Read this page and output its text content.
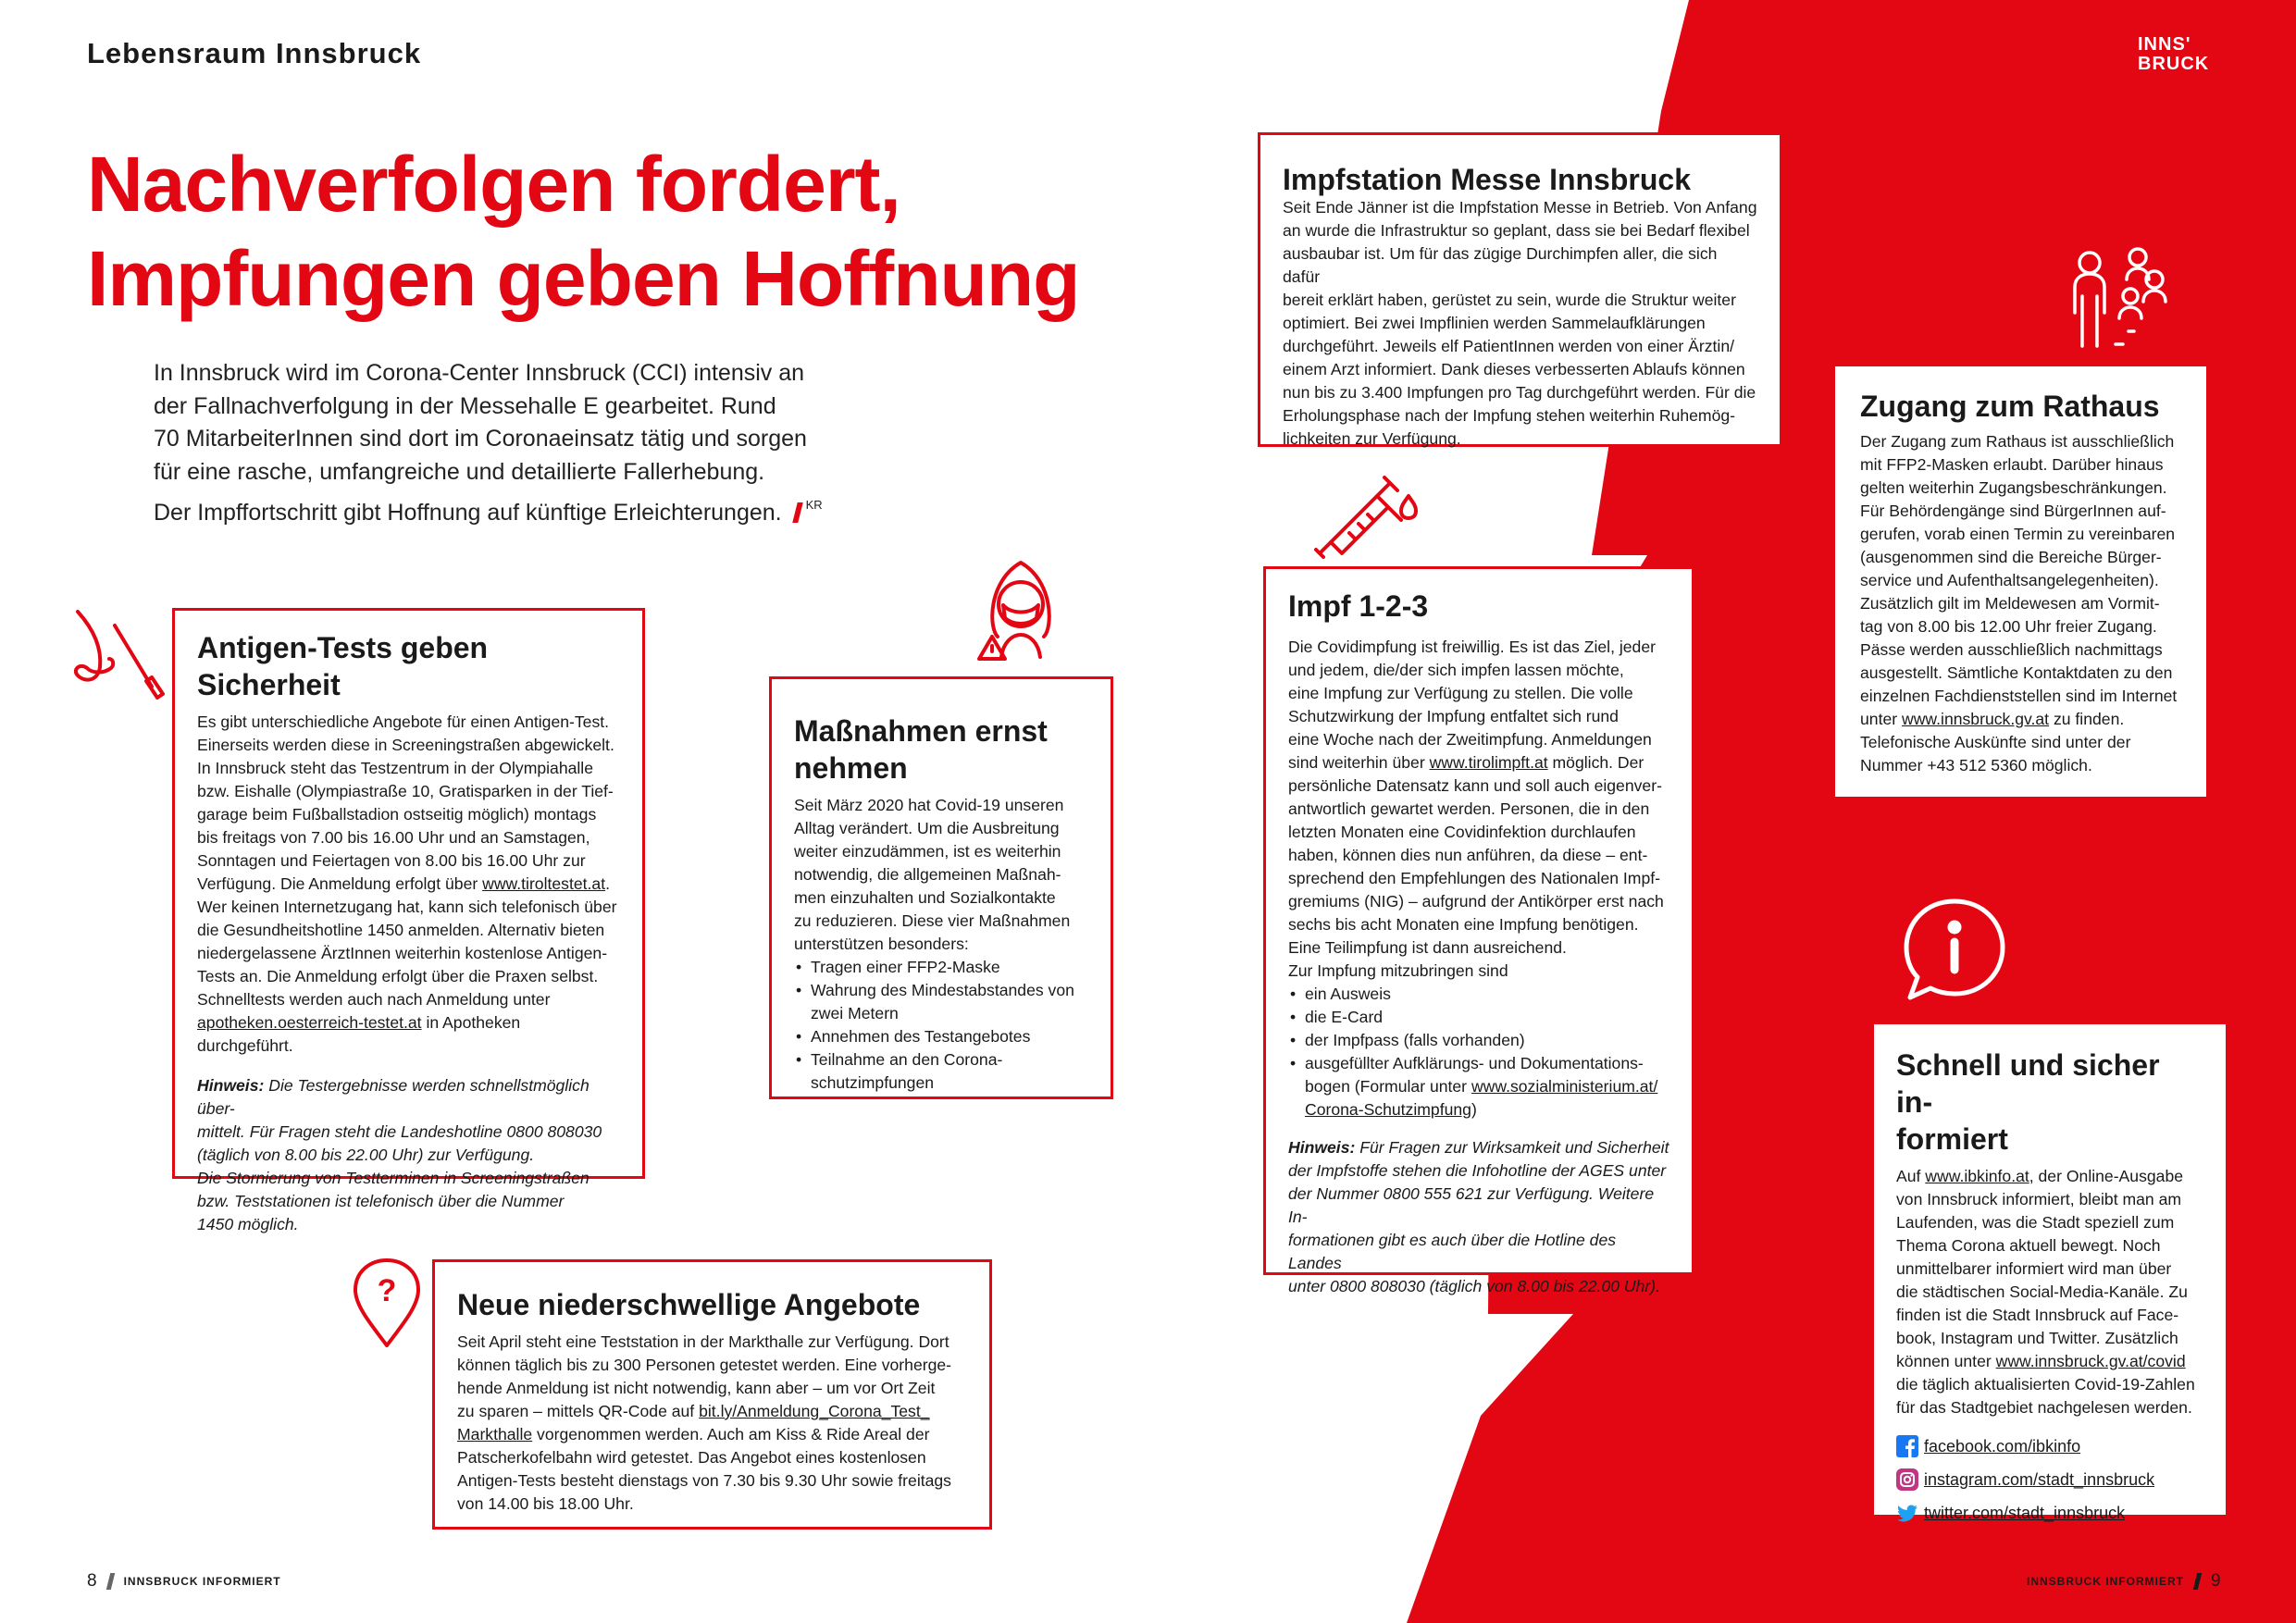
Lebensraum Innsbruck	INNS'
BRUCK
Nachverfolgen fordert,
Impfungen geben Hoffnung
In Innsbruck wird im Corona-Center Innsbruck (CCI) intensiv an
der Fallnachverfolgung in der Messehalle E gearbeitet. Rund
70 MitarbeiterInnen sind dort im Coronaeinsatz tätig und sorgen
für eine rasche, umfangreiche und detaillierte Fallerhebung.
Der Impffortschritt gibt Hoffnung auf künftige Erleichterungen. $^{KR}$
?
Antigen-Tests geben Sicherheit

Es gibt unterschiedliche Angebote für einen Antigen-Test.
Einerseits werden diese in Screeningstraßen abgewickelt.
In Innsbruck steht das Testzentrum in der Olympiahalle
bzw. Eishalle (Olympiastraße 10, Gratisparken in der Tief-
garage beim Fußballstadion ostseitig möglich) montags
bis freitags von 7.00 bis 16.00 Uhr und an Samstagen,
Sonntagen und Feiertagen von 8.00 bis 16.00 Uhr zur
Verfügung. Die Anmeldung erfolgt über www.tiroltestet.at.
Wer keinen Internetzugang hat, kann sich telefonisch über
die Gesundheitshotline 1450 anmelden. Alternativ bieten
niedergelassene ÄrztInnen weiterhin kostenlose Antigen-
Tests an. Die Anmeldung erfolgt über die Praxen selbst.
Schnelltests werden auch nach Anmeldung unter
apotheken.oesterreich-testet.at in Apotheken durchgeführt.

Hinweis: Die Testergebnisse werden schnellstmöglich über-
mittelt. Für Fragen steht die Landeshotline 0800 808030
(täglich von 8.00 bis 22.00 Uhr) zur Verfügung.
Die Stornierung von Testterminen in Screeningstraßen
bzw. Teststationen ist telefonisch über die Nummer
1450 möglich.

Maßnahmen ernst
nehmen

Seit März 2020 hat Covid-19 unseren
Alltag verändert. Um die Ausbreitung
weiter einzudämmen, ist es weiterhin
notwendig, die allgemeinen Maßnah-
men einzuhalten und Sozialkontakte
zu reduzieren. Diese vier Maßnahmen
unterstützen besonders:

• Tragen einer FFP2-Maske
• Wahrung des Mindestabstandes von zwei Metern
• Annehmen des Testangebotes
• Teilnahme an den Corona-schutzimpfungen
Neue niederschwellige Angebote

Seit April steht eine Teststation in der Markthalle zur Verfügung. Dort
können täglich bis zu 300 Personen getestet werden. Eine vorherge-
hende Anmeldung ist nicht notwendig, kann aber – um vor Ort Zeit
zu sparen – mittels QR-Code auf bit.ly/Anmeldung_Corona_Test_
Markthalle vorgenommen werden. Auch am Kiss & Ride Areal der
Patscherkofelbahn wird getestet. Das Angebot eines kostenlosen
Antigen-Tests besteht dienstags von 7.30 bis 9.30 Uhr sowie freitags
von 14.00 bis 18.00 Uhr.

Impfstation Messe Innsbruck

Seit Ende Jänner ist die Impfstation Messe in Betrieb. Von Anfang
an wurde die Infrastruktur so geplant, dass sie bei Bedarf flexibel
ausbaubar ist. Um für das zügige Durchimpfen aller, die sich dafür
bereit erklärt haben, gerüstet zu sein, wurde die Struktur weiter
optimiert. Bei zwei Impflinien werden Sammelaufklärungen
durchgeführt. Jeweils elf PatientInnen werden von einer Ärztin/
einem Arzt informiert. Dank dieses verbesserten Ablaufs können
nun bis zu 3.400 Impfungen pro Tag durchgeführt werden. Für die
Erholungsphase nach der Impfung stehen weiterhin Ruhemög-
lichkeiten zur Verfügung.

Impf 1-2-3

Die Covidimpfung ist freiwillig. Es ist das Ziel, jeder
und jedem, die/der sich impfen lassen möchte,
eine Impfung zur Verfügung zu stellen. Die volle
Schutzwirkung der Impfung entfaltet sich rund
eine Woche nach der Zweitimpfung. Anmeldungen
sind weiterhin über www.tirolimpft.at möglich. Der
persönliche Datensatz kann und soll auch eigenver-
antwortlich gewartet werden. Personen, die in den
letzten Monaten eine Covidinfektion durchlaufen
haben, können dies nun anführen, da diese – ent-
sprechend den Empfehlungen des Nationalen Impf-
gremiums (NIG) – aufgrund der Antikörper erst nach
sechs bis acht Monaten eine Impfung benötigen.
Eine Teilimpfung ist dann ausreichend.
Zur Impfung mitzubringen sind

• ein Ausweis
• die E-Card
• der Impfpass (falls vorhanden)
• ausgefüllter Aufklärungs- und Dokumentations-
bogen (Formular unter www.sozialministerium.at/
Corona-Schutzimpfung)

Hinweis: Für Fragen zur Wirksamkeit und Sicherheit
der Impfstoffe stehen die Infohotline der AGES unter
der Nummer 0800 555 621 zur Verfügung. Weitere In-
formationen gibt es auch über die Hotline des Landes
unter 0800 808030 (täglich von 8.00 bis 22.00 Uhr).

Zugang zum Rathaus

Der Zugang zum Rathaus ist ausschließlich
mit FFP2-Masken erlaubt. Darüber hinaus
gelten weiterhin Zugangsbeschränkungen.
Für Behördengänge sind BürgerInnen auf-
gerufen, vorab einen Termin zu vereinbaren
(ausgenommen sind die Bereiche Bürger-
service und Aufenthaltsangelegenheiten).
Zusätzlich gilt im Meldewesen am Vormit-
tag von 8.00 bis 12.00 Uhr freier Zugang.
Pässe werden ausschließlich nachmittags
ausgestellt. Sämtliche Kontaktdaten zu den
einzelnen Fachdienststellen sind im Internet
unter www.innsbruck.gv.at zu finden.
Telefonische Auskünfte sind unter der
Nummer +43 512 5360 möglich.

Schnell und sicher in-
formiert

Auf www.ibkinfo.at, der Online-Ausgabe
von Innsbruck informiert, bleibt man am
Laufenden, was die Stadt speziell zum
Thema Corona aktuell bewegt. Noch
unmittelbarer informiert wird man über
die städtischen Social-Media-Kanäle. Zu
finden ist die Stadt Innsbruck auf Face-
book, Instagram und Twitter. Zusätzlich
können unter www.innsbruck.gv.at/covid
die täglich aktualisierten Covid-19-Zahlen
für das Stadtgebiet nachgelesen werden.

facebook.com/ibkinfo
instagram.com/stadt_innsbruck
twitter.com/stadt_innsbruck
8 INNSBRUCK INFORMIERT	INNSBRUCK INFORMIERT 9
